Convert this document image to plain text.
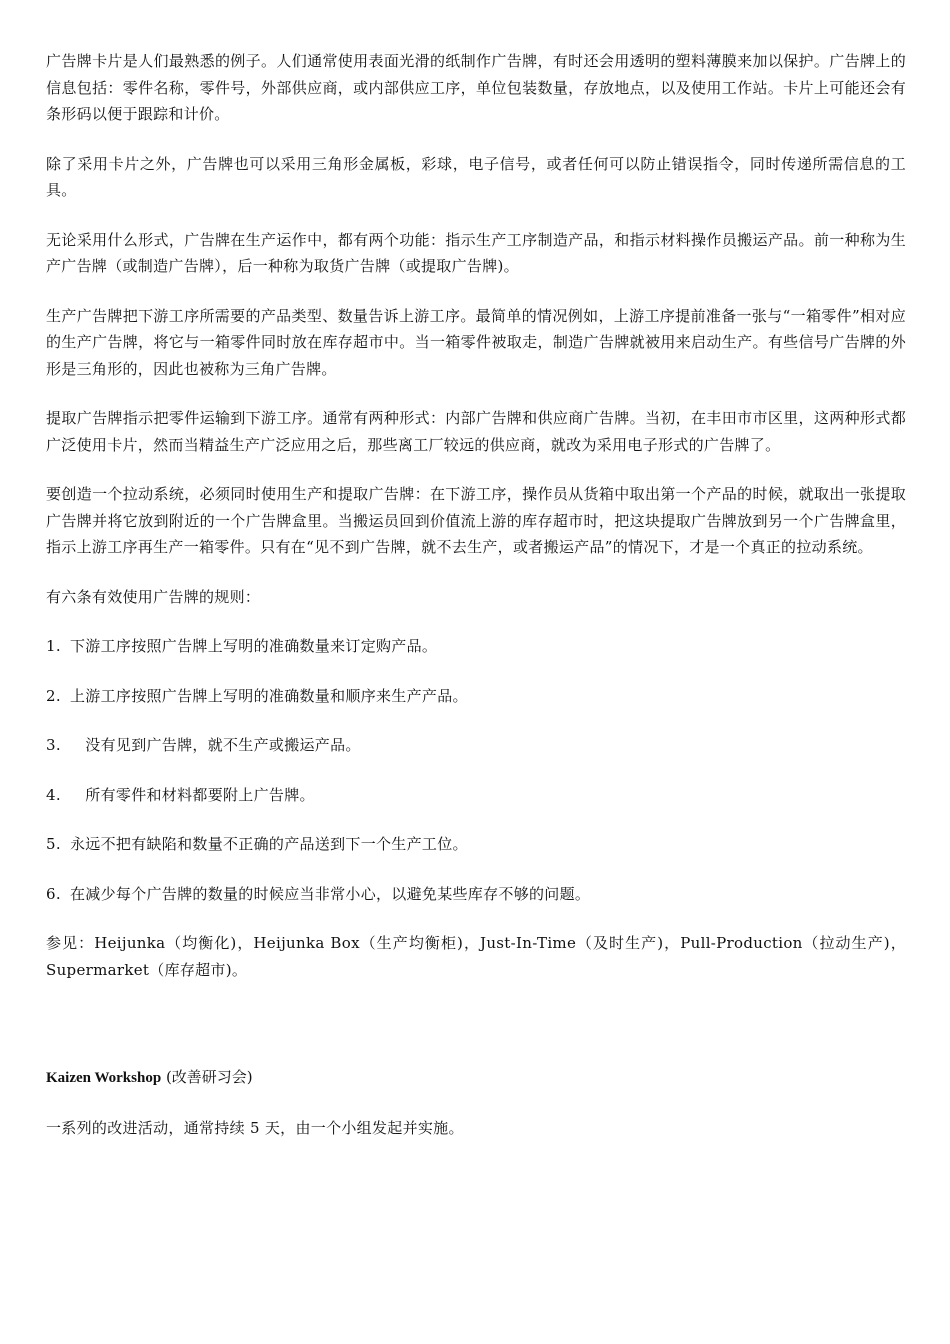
广告牌卡片是人们最熟悉的例子。人们通常使用表面光滑的纸制作广告牌，有时还会用透明的塑料薄膜来加以保护。广告牌上的信息包括：零件名称，零件号，外部供应商，或内部供应工序，单位包装数量，存放地点，以及使用工作站。卡片上可能还会有条形码以便于跟踪和计价。

除了采用卡片之外，广告牌也可以采用三角形金属板，彩球，电子信号，或者任何可以防止错误指令，同时传递所需信息的工具。

无论采用什么形式，广告牌在生产运作中，都有两个功能：指示生产工序制造产品，和指示材料操作员搬运产品。前一种称为生产广告牌（或制造广告牌），后一种称为取货广告牌（或提取广告牌)。

生产广告牌把下游工序所需要的产品类型、数量告诉上游工序。最简单的情况例如，上游工序提前准备一张与“一箱零件”相对应的生产广告牌，将它与一箱零件同时放在库存超市中。当一箱零件被取走，制造广告牌就被用来启动生产。有些信号广告牌的外形是三角形的，因此也被称为三角广告牌。

提取广告牌指示把零件运输到下游工序。通常有两种形式：内部广告牌和供应商广告牌。当初，在丰田市市区里，这两种形式都广泛使用卡片，然而当精益生产广泛应用之后，那些离工厂较远的供应商，就改为采用电子形式的广告牌了。

要创造一个拉动系统，必须同时使用生产和提取广告牌：在下游工序，操作员从货箱中取出第一个产品的时候，就取出一张提取广告牌并将它放到附近的一个广告牌盒里。当搬运员回到价值流上游的库存超市时，把这块提取广告牌放到另一个广告牌盒里，指示上游工序再生产一箱零件。只有在“见不到广告牌，就不去生产，或者搬运产品”的情况下，才是一个真正的拉动系统。

有六条有效使用广告牌的规则：

1. 下游工序按照广告牌上写明的准确数量来订定购产品。

2. 上游工序按照广告牌上写明的准确数量和顺序来生产产品。

3.　没有见到广告牌，就不生产或搬运产品。

4.　所有零件和材料都要附上广告牌。

5. 永远不把有缺陷和数量不正确的产品送到下一个生产工位。

6. 在减少每个广告牌的数量的时候应当非常小心，以避免某些库存不够的问题。

参见：Heijunka（均衡化)，Heijunka Box（生产均衡柜)，Just-In-Time（及时生产)，Pull-Production（拉动生产)，Supermarket（库存超市)。

Kaizen Workshop (改善研习会)

一系列的改进活动，通常持续 5 天，由一个小组发起并实施。
